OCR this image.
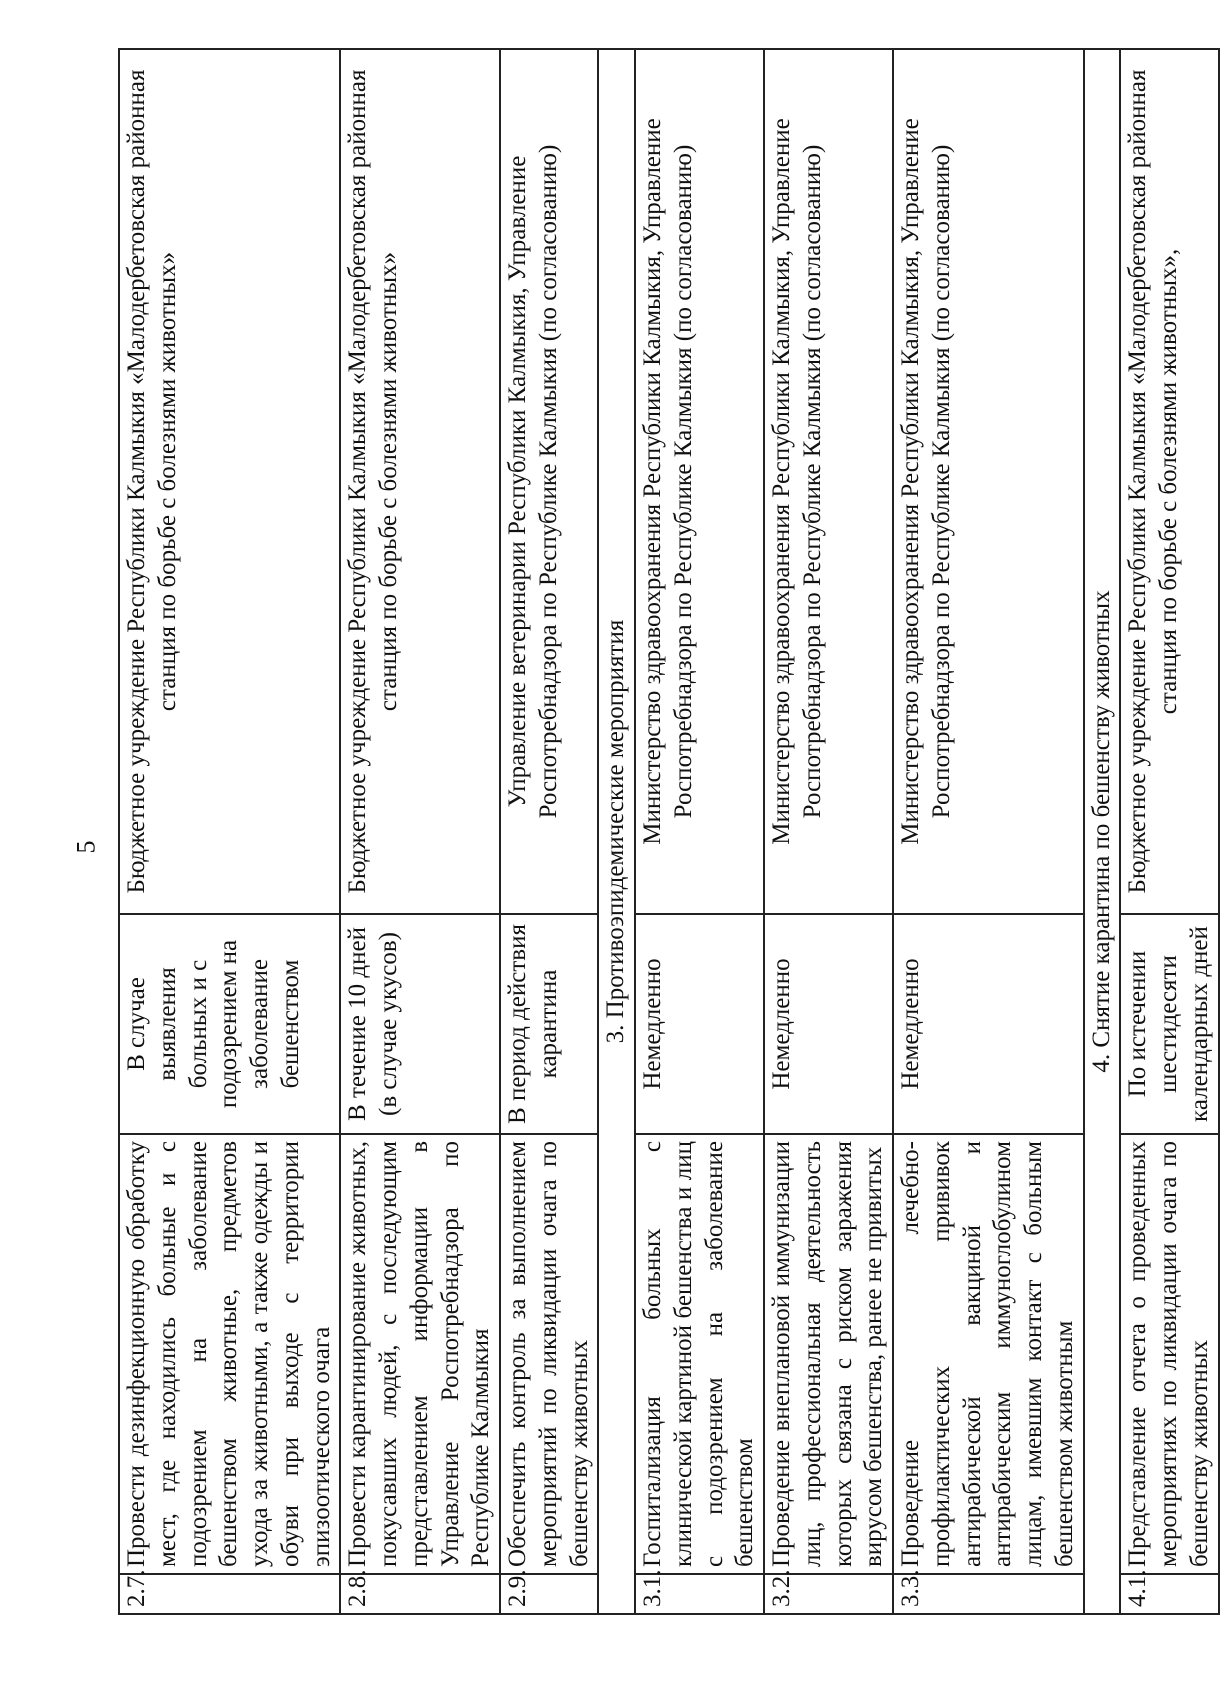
5
2.7.	Провести дезинфекционную обработку мест, где находились больные и с подозрением на заболевание бешенством животные, предметов ухода за животными, а также одежды и обуви при выходе с территории эпизоотического очага	В случае выявления больных и с подозрением на заболевание бешенством	Бюджетное учреждение Республики Калмыкия «Малодербетовская районная станция по борьбе с болезнями животных»
2.8.	Провести карантинирование животных, покусавших людей, с последующим представлением информации в Управление Роспотребнадзора по Республике Калмыкия	В течение 10 дней (в случае укусов)	Бюджетное учреждение Республики Калмыкия «Малодербетовская районная станция по борьбе с болезнями животных»
2.9.	Обеспечить контроль за выполнением мероприятий по ликвидации очага по бешенству животных	В период действия карантина	Управление ветеринарии Республики Калмыкия, Управление Роспотребнадзора по Республике Калмыкия (по согласованию)
3. Противоэпидемические мероприятия			
3.1.	Госпитализация больных с клинической картиной бешенства и лиц с подозрением на заболевание бешенством	Немедленно	Министерство здравоохранения Республики Калмыкия, Управление Роспотребнадзора по Республике Калмыкия (по согласованию)
3.2.	Проведение внеплановой иммунизации лиц, профессиональная деятельность которых связана с риском заражения вирусом бешенства, ранее не привитых	Немедленно	Министерство здравоохранения Республики Калмыкия, Управление Роспотребнадзора по Республике Калмыкия (по согласованию)
3.3.	Проведение лечебно-профилактических прививок антирабической вакциной и антирабическим иммуноглобулином лицам, имевшим контакт с больным бешенством животным	Немедленно	Министерство здравоохранения Республики Калмыкия, Управление Роспотребнадзора по Республике Калмыкия (по согласованию)
4. Снятие карантина по бешенству животных			
4.1.	Представление отчета о проведенных мероприятиях по ликвидации очага по бешенству животных	По истечении шестидесяти календарных дней	Бюджетное учреждение Республики Калмыкия «Малодербетовская районная станция по борьбе с болезнями животных»,
